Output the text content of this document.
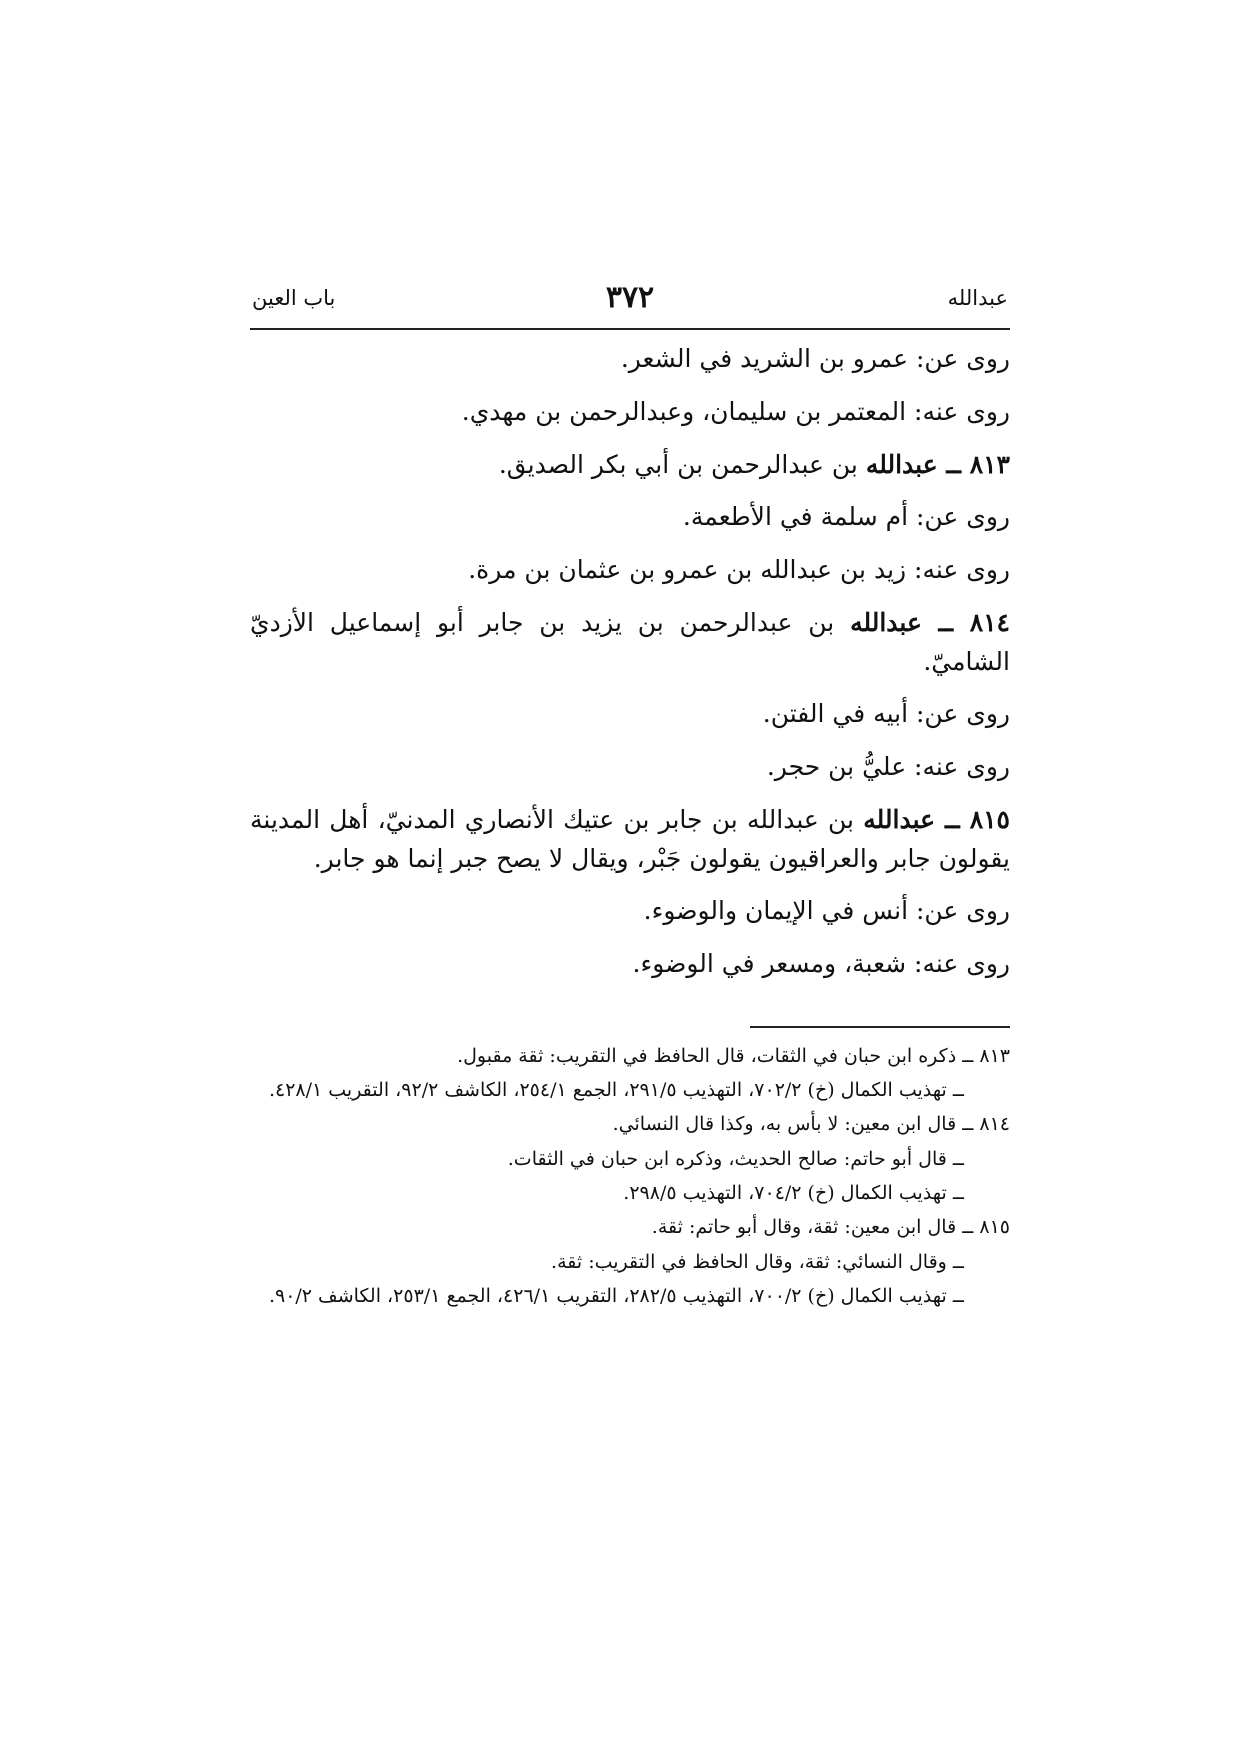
عبدالله
٣٧٢
باب العين

روى عن: عمرو بن الشريد في الشعر.

روى عنه: المعتمر بن سليمان، وعبدالرحمن بن مهدي.

٨١٣ ــ عبدالله بن عبدالرحمن بن أبي بكر الصديق.

روى عن: أم سلمة في الأطعمة.

روى عنه: زيد بن عبدالله بن عمرو بن عثمان بن مرة.

٨١٤ ــ عبدالله بن عبدالرحمن بن يزيد بن جابر أبو إسماعيل الأزديّ الشاميّ.

روى عن: أبيه في الفتن.

روى عنه: عليُّ بن حجر.

٨١٥ ــ عبدالله بن عبدالله بن جابر بن عتيك الأنصاري المدنيّ، أهل المدينة يقولون جابر والعراقيون يقولون جَبْر، ويقال لا يصح جبر إنما هو جابر.

روى عن: أنس في الإيمان والوضوء.

روى عنه: شعبة، ومسعر في الوضوء.

٨١٣ ــ ذكره ابن حبان في الثقات، قال الحافظ في التقريب: ثقة مقبول.

ــ تهذيب الكمال (خ) ٧٠٢/٢، التهذيب ٢٩١/٥، الجمع ٢٥٤/١، الكاشف ٩٢/٢، التقريب ٤٢٨/١.

٨١٤ ــ قال ابن معين: لا بأس به، وكذا قال النسائي.

ــ قال أبو حاتم: صالح الحديث، وذكره ابن حبان في الثقات.

ــ تهذيب الكمال (خ) ٧٠٤/٢، التهذيب ٢٩٨/٥.

٨١٥ ــ قال ابن معين: ثقة، وقال أبو حاتم: ثقة.

ــ وقال النسائي: ثقة، وقال الحافظ في التقريب: ثقة.

ــ تهذيب الكمال (خ) ٧٠٠/٢، التهذيب ٢٨٢/٥، التقريب ٤٢٦/١، الجمع ٢٥٣/١، الكاشف ٩٠/٢.
